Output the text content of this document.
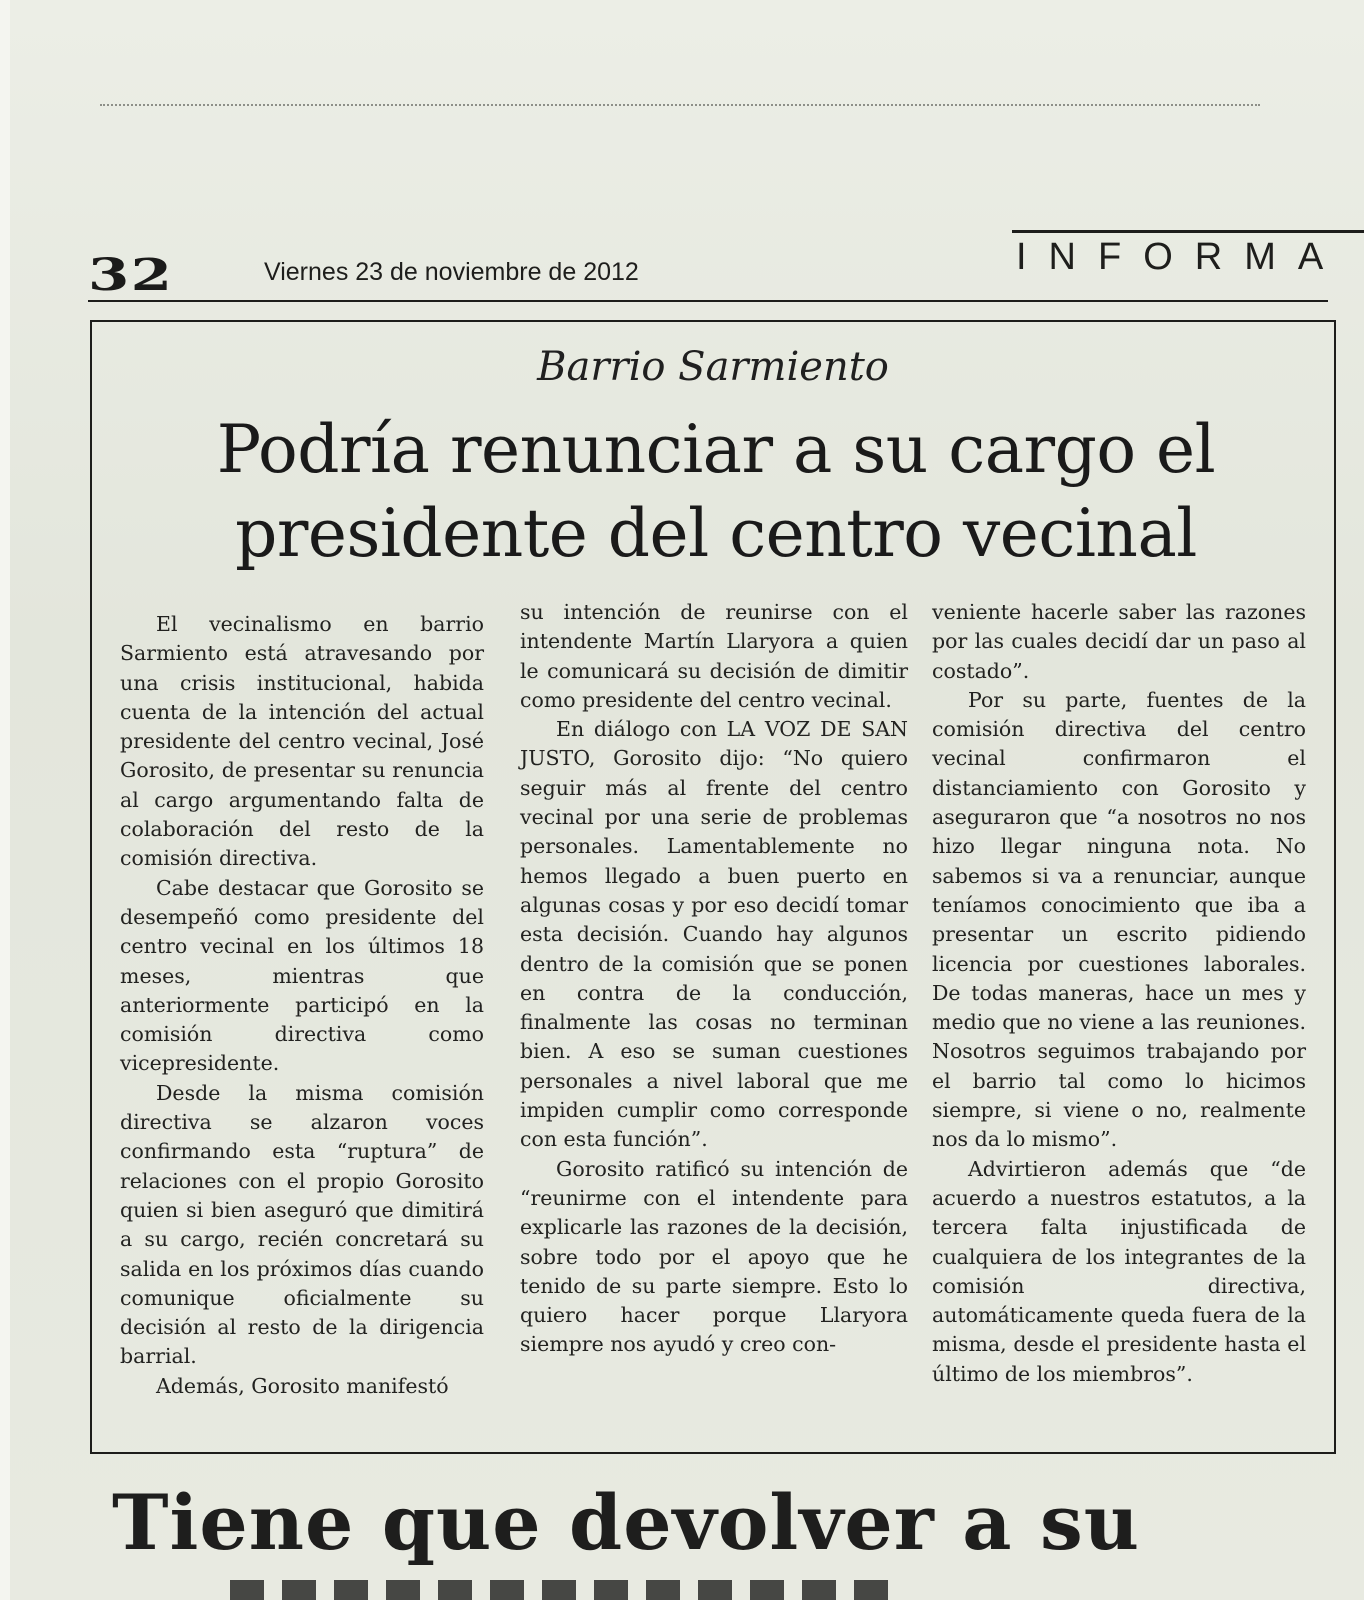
32	Viernes 23 de noviembre de 2012	INFORMA
Barrio Sarmiento
Podría renunciar a su cargo el presidente del centro vecinal

El vecinalismo en barrio Sarmiento está atravesando por una crisis institucional, habida cuenta de la intención del actual presidente del centro vecinal, José Gorosito, de presentar su renuncia al cargo argumentando falta de colaboración del resto de la comisión directiva.

Cabe destacar que Gorosito se desempeñó como presidente del centro vecinal en los últimos 18 meses, mientras que anteriormente participó en la comisión directiva como vicepresidente.

Desde la misma comisión directiva se alzaron voces confirmando esta “ruptura” de relaciones con el propio Gorosito quien si bien aseguró que dimitirá a su cargo, recién concretará su salida en los próximos días cuando comunique oficialmente su decisión al resto de la dirigencia barrial.

Además, Gorosito manifestó

su intención de reunirse con el intendente Martín Llaryora a quien le comunicará su decisión de dimitir como presidente del centro vecinal.

En diálogo con LA VOZ DE SAN JUSTO, Gorosito dijo: “No quiero seguir más al frente del centro vecinal por una serie de problemas personales. Lamentablemente no hemos llegado a buen puerto en algunas cosas y por eso decidí tomar esta decisión. Cuando hay algunos dentro de la comisión que se ponen en contra de la conducción, finalmente las cosas no terminan bien. A eso se suman cuestiones personales a nivel laboral que me impiden cumplir como corresponde con esta función”.

Gorosito ratificó su intención de “reunirme con el intendente para explicarle las razones de la decisión, sobre todo por el apoyo que he tenido de su parte siempre. Esto lo quiero hacer porque Llaryora siempre nos ayudó y creo con-

veniente hacerle saber las razones por las cuales decidí dar un paso al costado”.

Por su parte, fuentes de la comisión directiva del centro vecinal confirmaron el distanciamiento con Gorosito y aseguraron que “a nosotros no nos hizo llegar ninguna nota. No sabemos si va a renunciar, aunque teníamos conocimiento que iba a presentar un escrito pidiendo licencia por cuestiones laborales. De todas maneras, hace un mes y medio que no viene a las reuniones. Nosotros seguimos trabajando por el barrio tal como lo hicimos siempre, si viene o no, realmente nos da lo mismo”.

Advirtieron además que “de acuerdo a nuestros estatutos, a la tercera falta injustificada de cualquiera de los integrantes de la comisión directiva, automáticamente queda fuera de la misma, desde el presidente hasta el último de los miembros”.

Tiene que devolver a su
